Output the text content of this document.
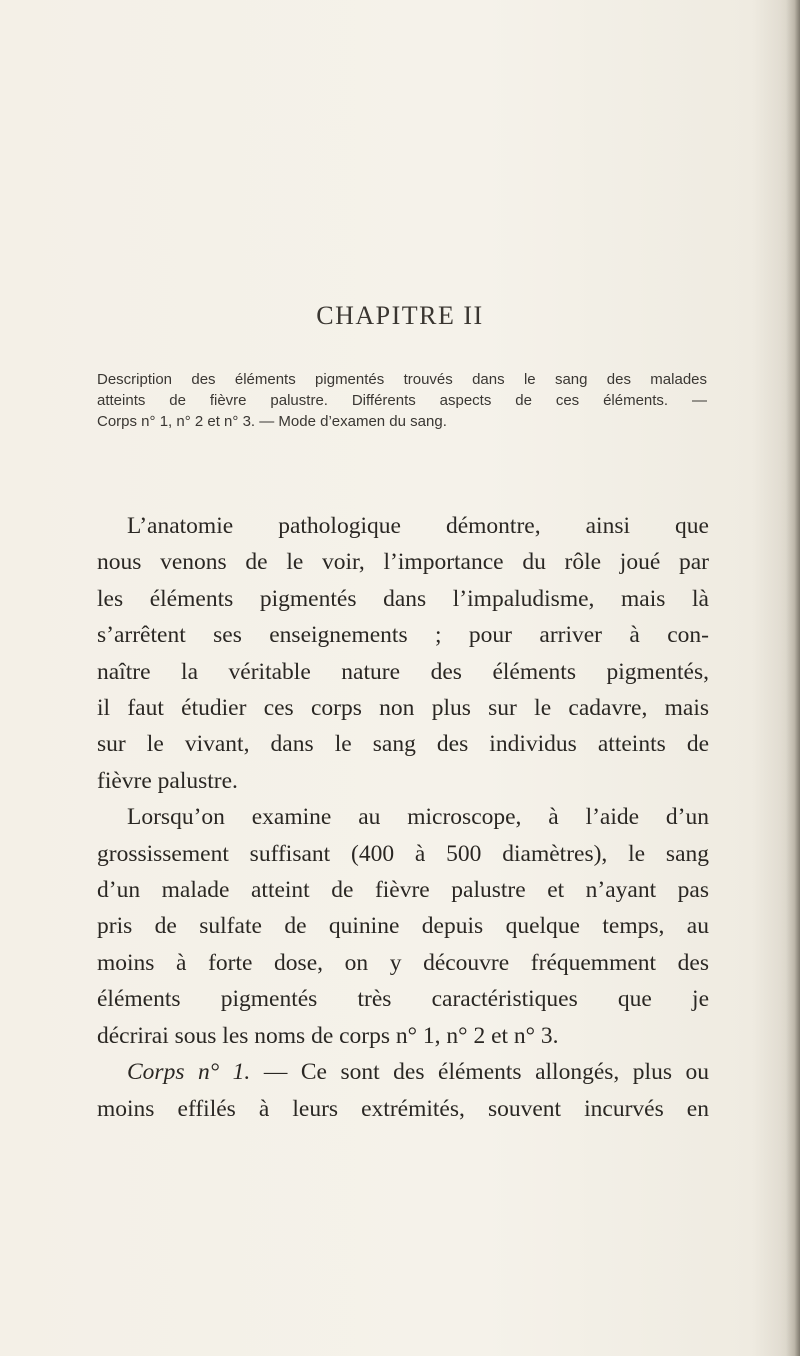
CHAPITRE II
Description des éléments pigmentés trouvés dans le sang des malades
atteints de fièvre palustre. Différents aspects de ces éléments. —
Corps n° 1, n° 2 et n° 3. — Mode d’examen du sang.
L’anatomie pathologique démontre, ainsi que
nous venons de le voir, l’importance du rôle joué par
les éléments pigmentés dans l’impaludisme, mais là
s’arrêtent ses enseignements ; pour arriver à con-
naître la véritable nature des éléments pigmentés,
il faut étudier ces corps non plus sur le cadavre, mais
sur le vivant, dans le sang des individus atteints de
fièvre palustre.
Lorsqu’on examine au microscope, à l’aide d’un
grossissement suffisant (400 à 500 diamètres), le sang
d’un malade atteint de fièvre palustre et n’ayant pas
pris de sulfate de quinine depuis quelque temps, au
moins à forte dose, on y découvre fréquemment des
éléments pigmentés très caractéristiques que je
décrirai sous les noms de corps n° 1, n° 2 et n° 3.
Corps n° 1. — Ce sont des éléments allongés, plus ou
moins effilés à leurs extrémités, souvent incurvés en
